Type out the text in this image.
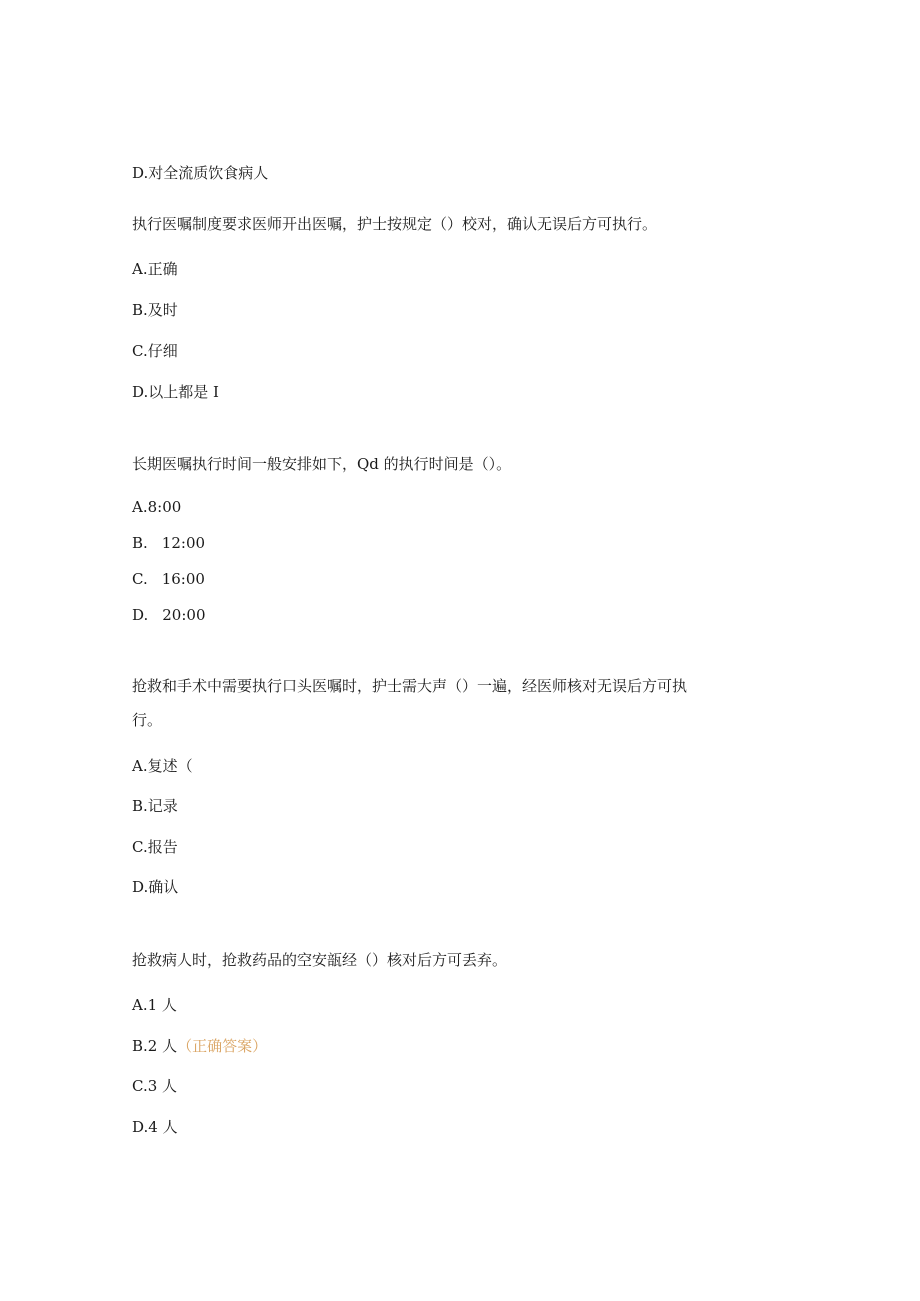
D.对全流质饮食病人
执行医嘱制度要求医师开出医嘱，护士按规定（）校对，确认无误后方可执行。
A.正确
B.及时
C.仔细
D.以上都是 I
长期医嘱执行时间一般安排如下，Qd 的执行时间是（）。
A.8:00
B. 12:00
C. 16:00
D. 20:00
抢救和手术中需要执行口头医嘱时，护士需大声（）一遍，经医师核对无误后方可执
行。
A.复述（
B.记录
C.报告
D.确认
抢救病人时，抢救药品的空安瓿经（）核对后方可丢弃。
A.1 人
B.2 人（正确答案）
C.3 人
D.4 人
